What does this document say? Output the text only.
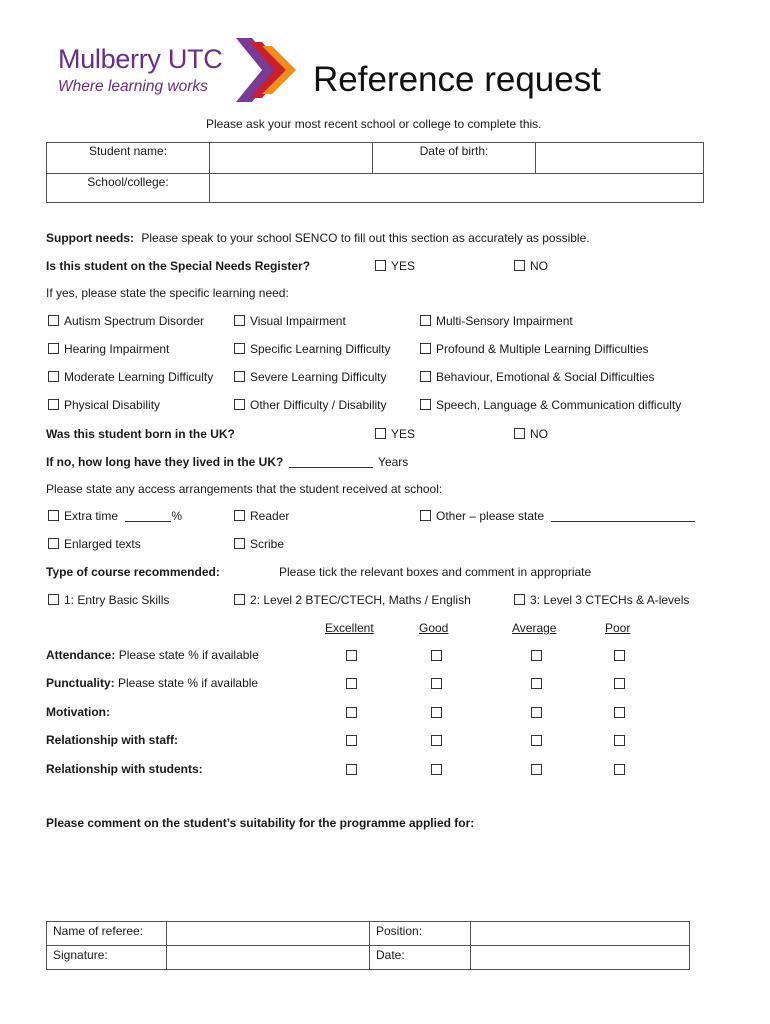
Mulberry UTC
Where learning works	Reference request
Please ask your most recent school or college to complete this.
Student name:		Date of birth:	
School/college:			
Support needs: Please speak to your school SENCO to fill out this section as accurately as possible.
Is this student on the Special Needs Register?	YES	NO
If yes, please state the specific learning need:
Autism Spectrum Disorder	Visual Impairment	Multi-Sensory Impairment
Hearing Impairment	Specific Learning Difficulty	Profound & Multiple Learning Difficulties
Moderate Learning Difficulty	Severe Learning Difficulty	Behaviour, Emotional & Social Difficulties
Physical Disability	Other Difficulty / Disability	Speech, Language & Communication difficulty
Was this student born in the UK?	YES	NO
If no, how long have they lived in the UK?	Years
Please state any access arrangements that the student received at school:
Extra time	%	Reader	Other – please state
Enlarged texts	Scribe
Type of course recommended:	Please tick the relevant boxes and comment in appropriate
1: Entry Basic Skills	2: Level 2 BTEC/CTECH, Maths / English	3: Level 3 CTECHs & A-levels
Excellent	Good	Average	Poor
Attendance: Please state % if available
Punctuality: Please state % if available
Motivation:
Relationship with staff:
Relationship with students:
Please comment on the student’s suitability for the programme applied for:
Name of referee:		Position:	
Signature:		Date:	
